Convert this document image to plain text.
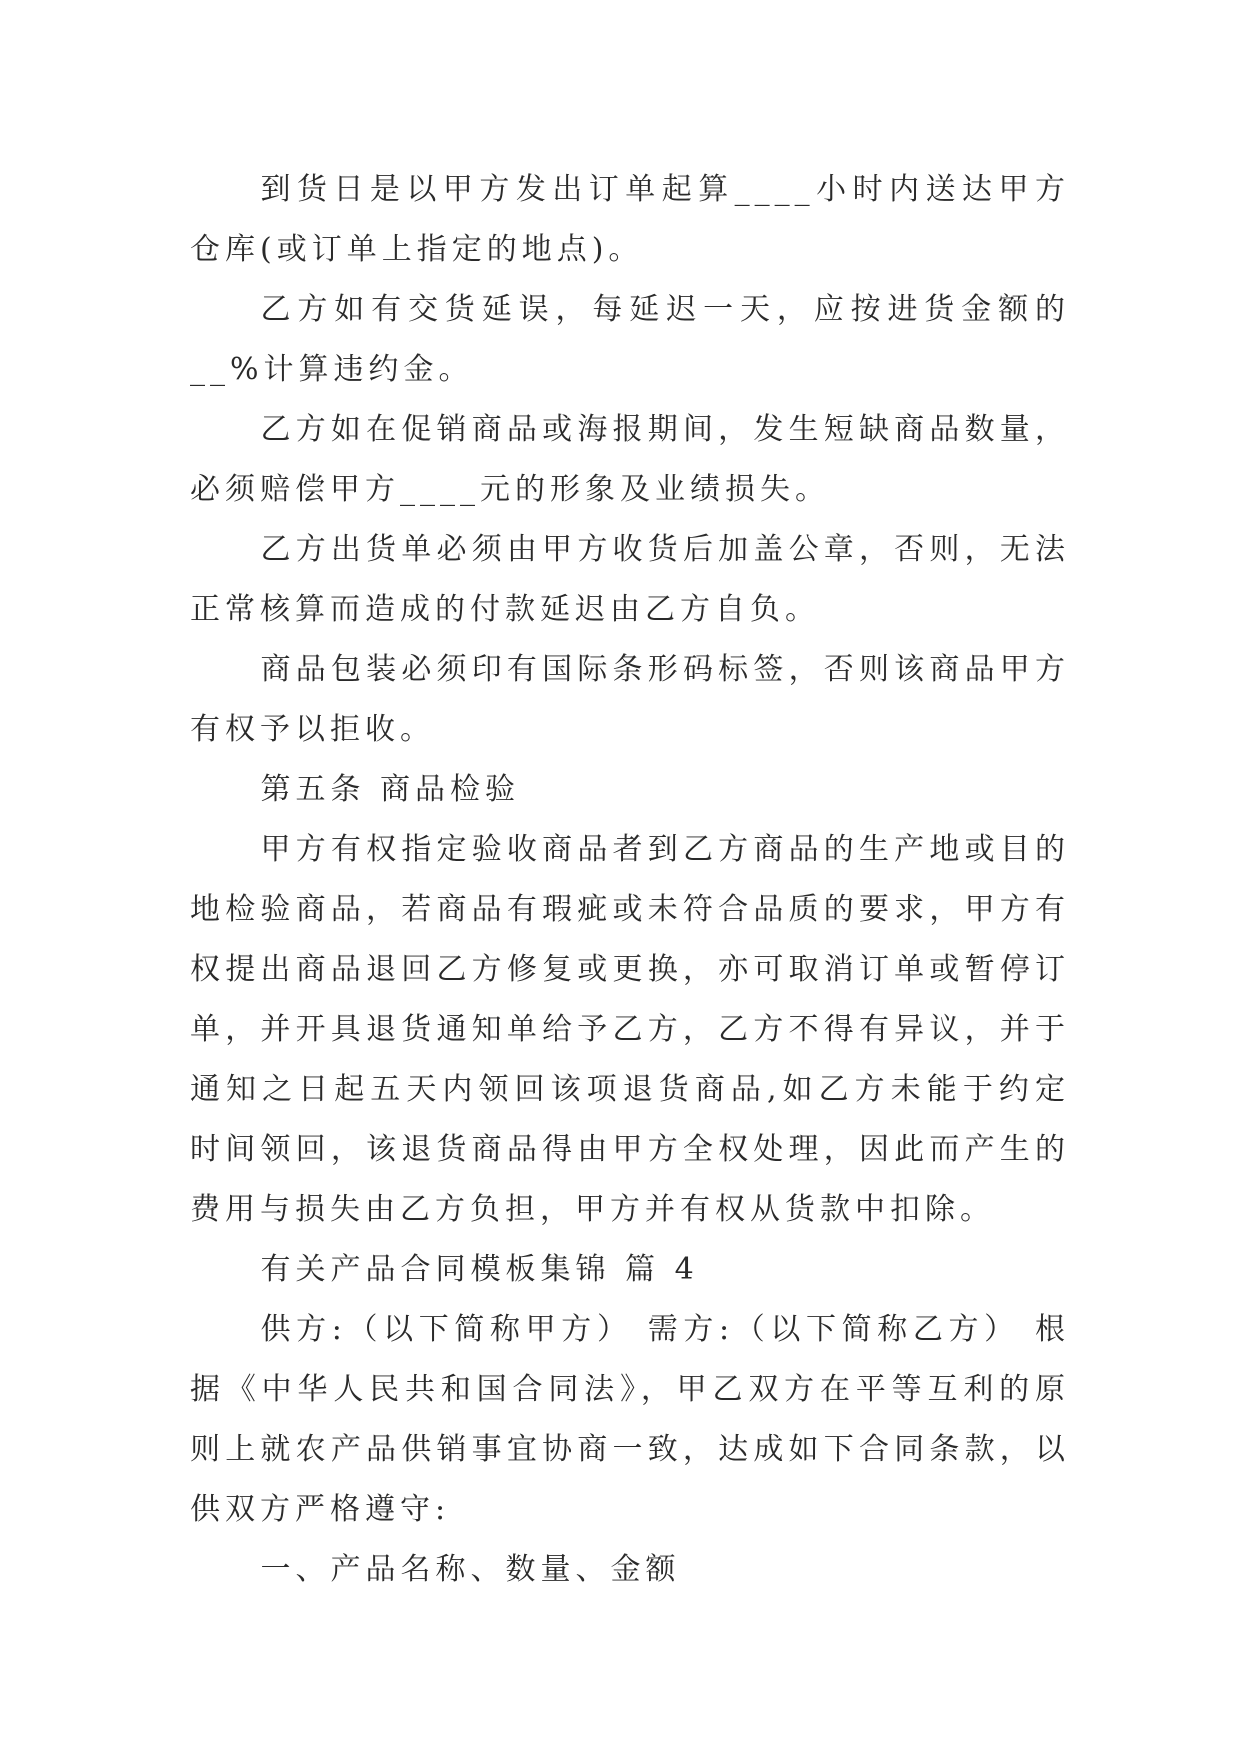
到货日是以甲方发出订单起算____小时内送达甲方仓库(或订单上指定的地点)。

乙方如有交货延误，每延迟一天，应按进货金额的 __%计算违约金。

乙方如在促销商品或海报期间，发生短缺商品数量，必须赔偿甲方____元的形象及业绩损失。

乙方出货单必须由甲方收货后加盖公章，否则，无法正常核算而造成的付款延迟由乙方自负。

商品包装必须印有国际条形码标签，否则该商品甲方有权予以拒收。

第五条 商品检验

甲方有权指定验收商品者到乙方商品的生产地或目的地检验商品，若商品有瑕疵或未符合品质的要求，甲方有权提出商品退回乙方修复或更换，亦可取消订单或暂停订单，并开具退货通知单给予乙方，乙方不得有异议，并于通知之日起五天内领回该项退货商品,如乙方未能于约定时间领回，该退货商品得由甲方全权处理，因此而产生的费用与损失由乙方负担，甲方并有权从货款中扣除。

有关产品合同模板集锦 篇 4

供方:（以下简称甲方） 需方:（以下简称乙方） 根据《中华人民共和国合同法》，甲乙双方在平等互利的原则上就农产品供销事宜协商一致，达成如下合同条款，以供双方严格遵守:

一、产品名称、数量、金额
